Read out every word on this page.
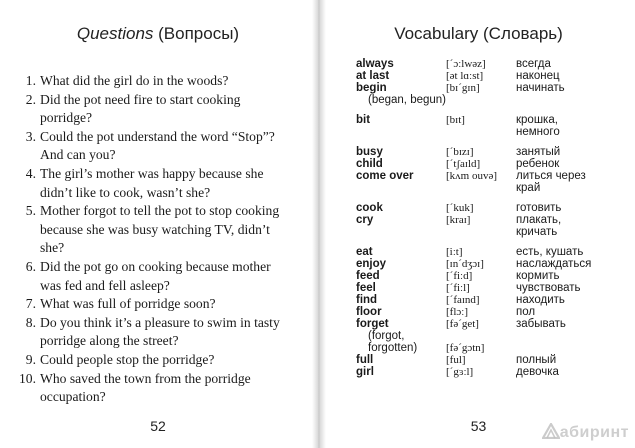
Questions (Вопросы)
1. What did the girl do in the woods?
2. Did the pot need fire to start cooking porridge?
3. Could the pot understand the word “Stop”? And can you?
4. The girl’s mother was happy because she didn’t like to cook, wasn’t she?
5. Mother forgot to tell the pot to stop cooking because she was busy watching TV, didn’t she?
6. Did the pot go on cooking because mother was fed and fell asleep?
7. What was full of porridge soon?
8. Do you think it’s a pleasure to swim in tasty porridge along the street?
9. Could people stop the porridge?
10. Who saved the town from the porridge occupation?
52
Vocabulary (Словарь)
always	[ˊɔːlwəz]	всегда
at last	[ət lɑːst]	наконец
begin	[bɪˊgɪn]	начинать
(began, begun)
bit	[bɪt]	крошка,
немного
busy	[ˊbɪzɪ]	занятый
child	[ˊtʃaɪld]	ребенок
come over	[kʌm ouvə]	литься через
край
cook	[ˊkuk]	готовить
cry	[kraɪ]	плакать,
кричать
eat	[iːt]	есть, кушать
enjoy	[ɪnˊdʒɔɪ]	наслаждаться
feed	[ˊfiːd]	кормить
feel	[ˊfiːl]	чувствовать
find	[ˊfaɪnd]	находить
floor	[flɔː]	пол
forget	[fəˊget]	забывать
(forgot,
forgotten)	[fəˊgɔtn]
full	[ful]	полный
girl	[ˊgɜːl]	девочка
53	абиринт
